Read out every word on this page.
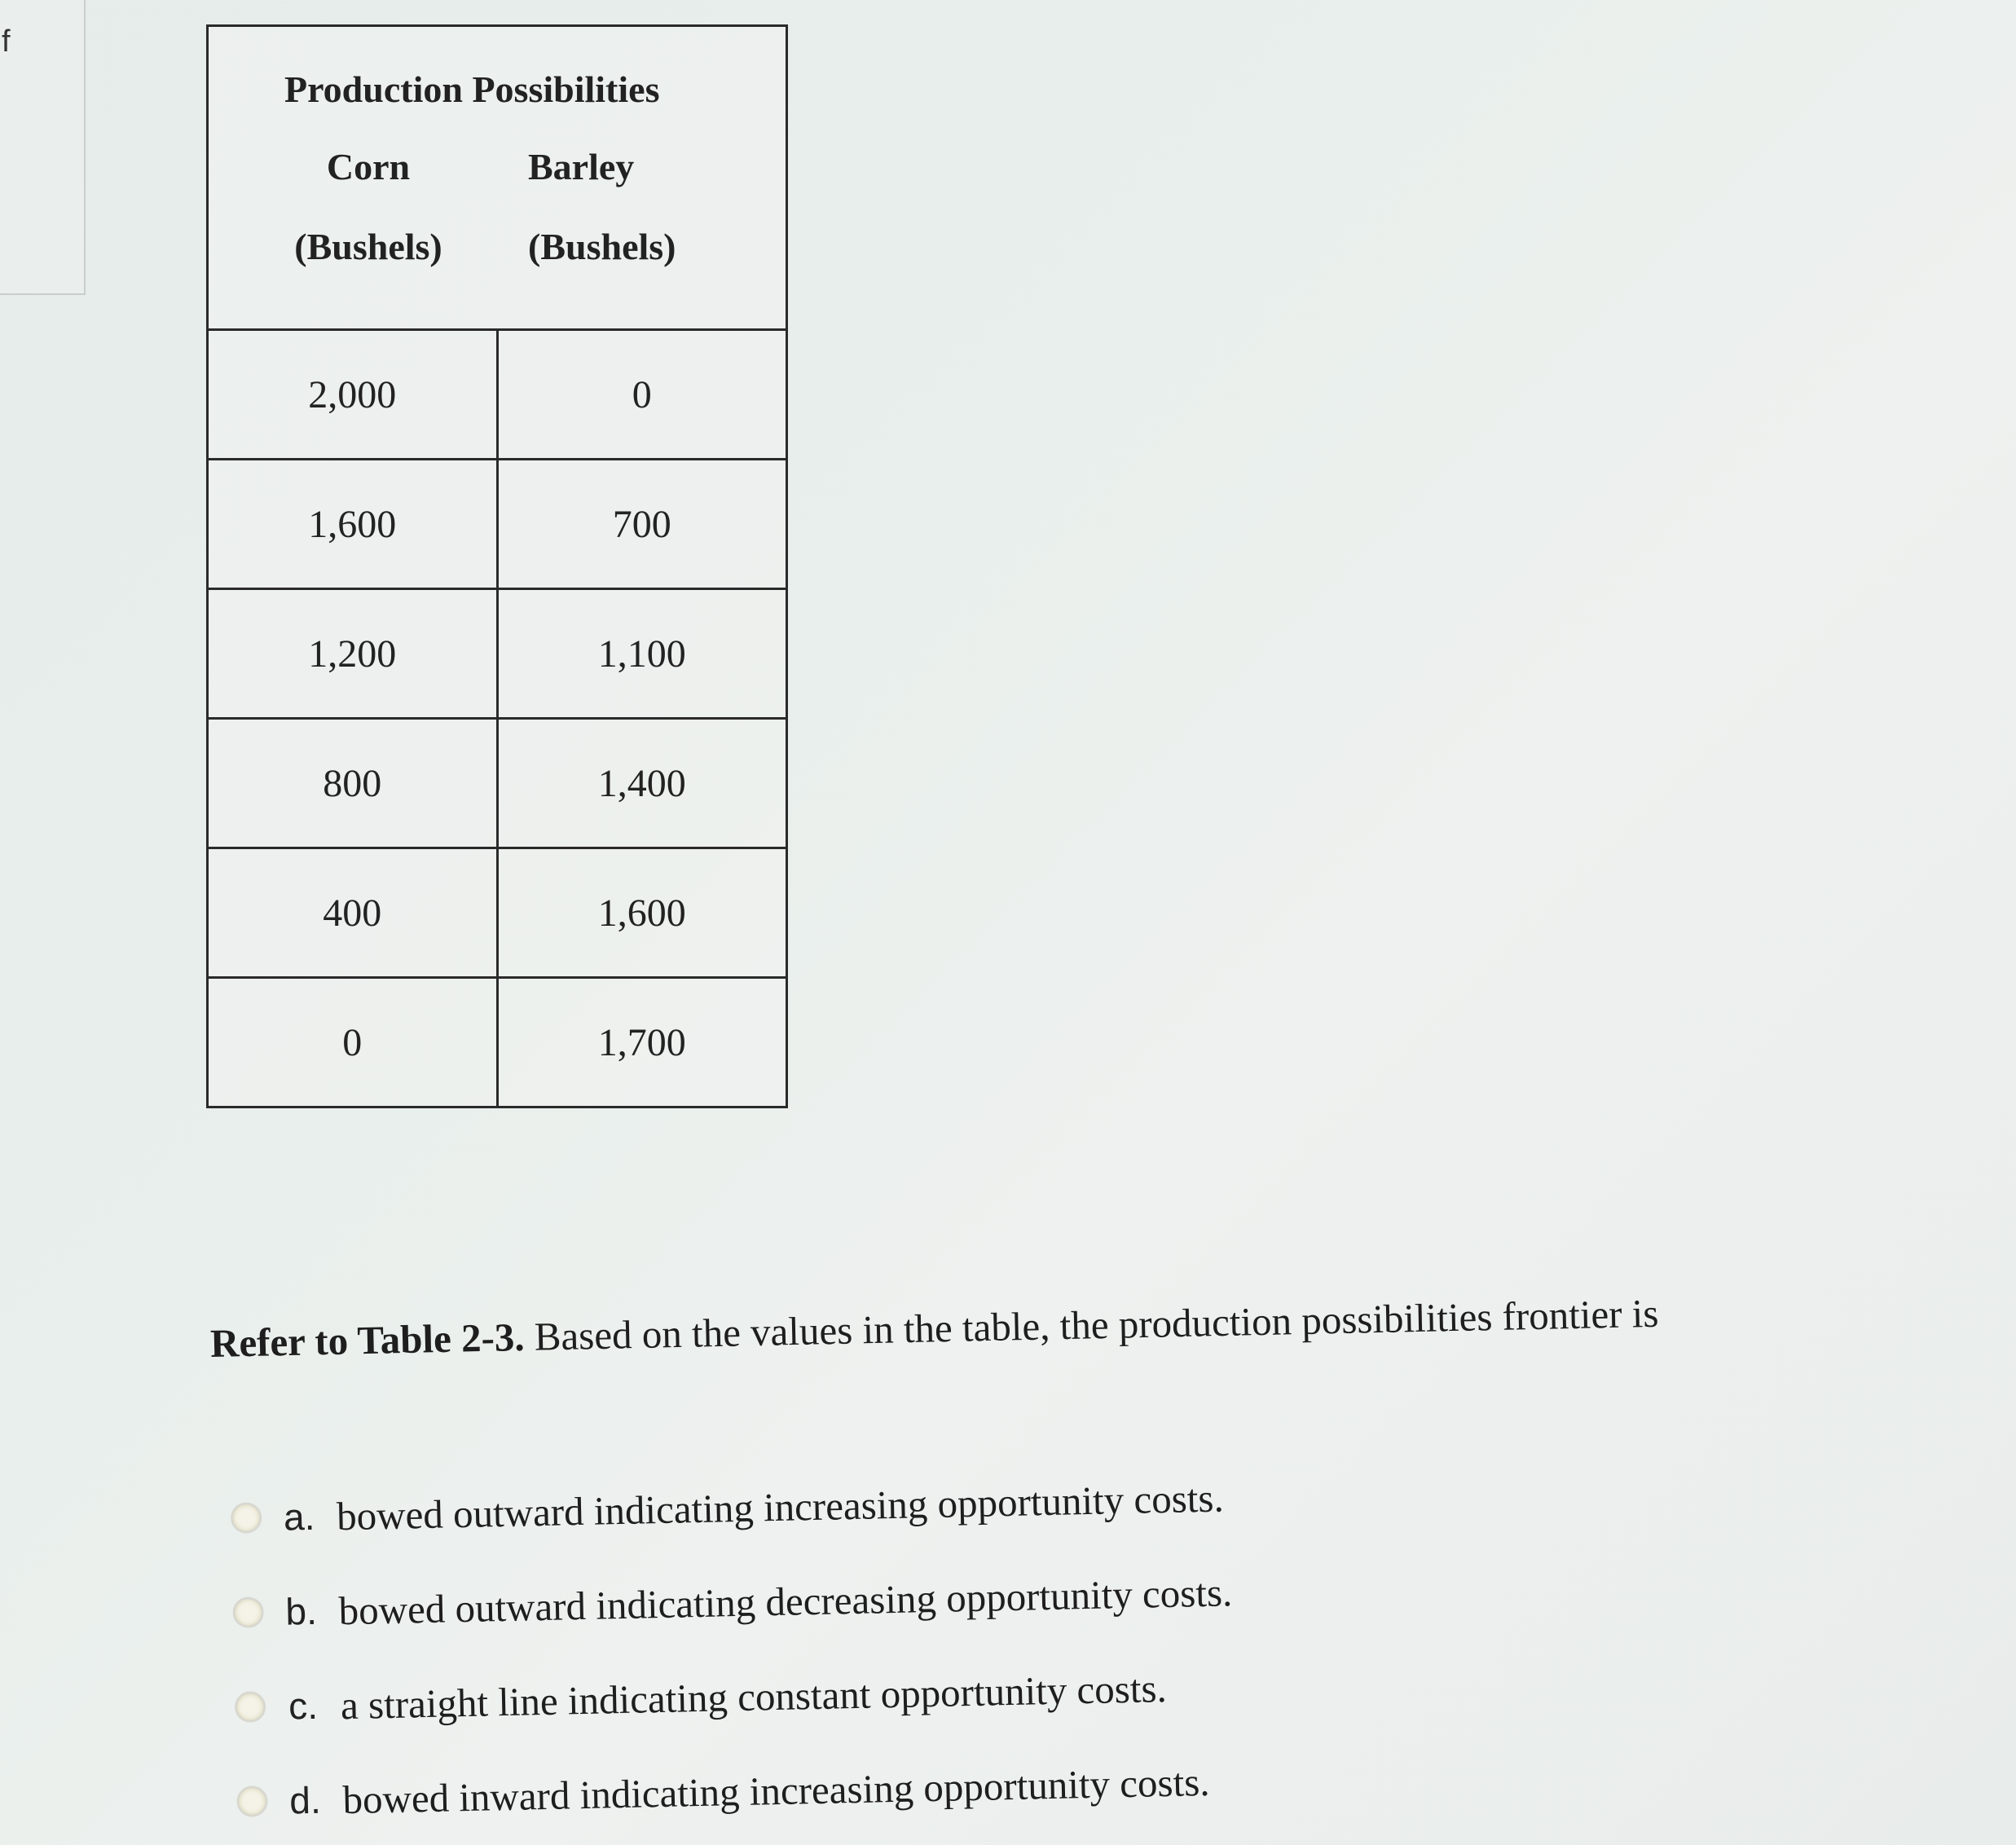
f
Production Possibilities
Corn Barley
(Bushels) (Bushels)	

2,000	0
1,600	700
1,200	1,100
800	1,400
400	1,600
0	1,700
Refer to Table 2-3. Based on the values in the table, the production possibilities frontier is
a. bowed outward indicating increasing opportunity costs.
b. bowed outward indicating decreasing opportunity costs.
c. a straight line indicating constant opportunity costs.
d. bowed inward indicating increasing opportunity costs.
